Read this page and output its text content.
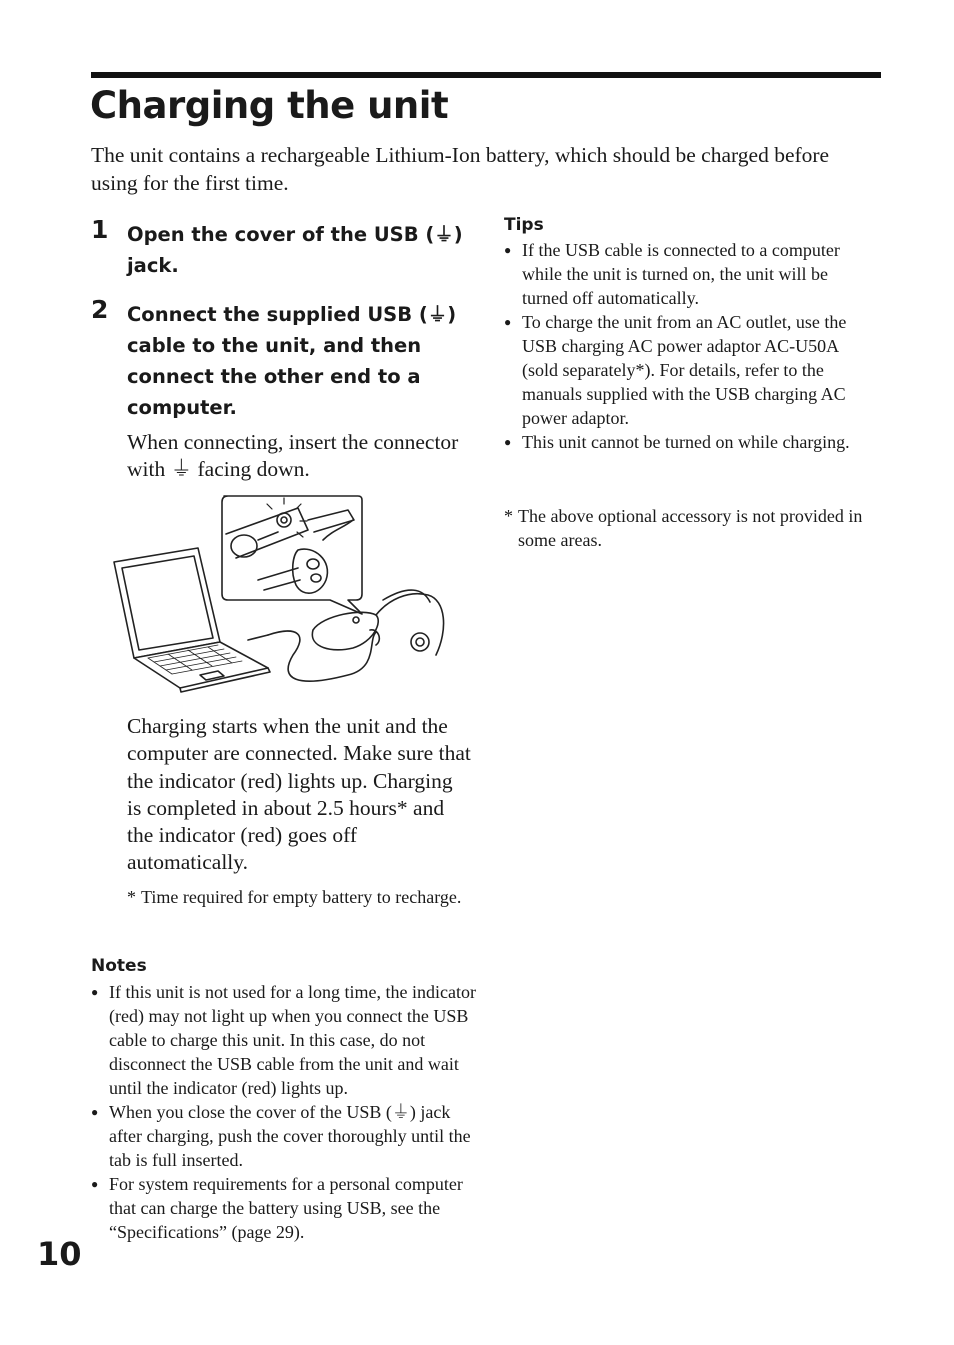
Charging the unit

The unit contains a rechargeable Lithium-Ion battery, which should be charged before using for the first time.

1 Open the cover of the USB (⏚) jack.

2 Connect the supplied USB (⏚) cable to the unit, and then connect the other end to a computer.

When connecting, insert the connector with ⏚ facing down.

Charging starts when the unit and the computer are connected. Make sure that the indicator (red) lights up. Charging is completed in about 2.5 hours* and the indicator (red) goes off automatically.

* Time required for empty battery to recharge.

Notes
● If this unit is not used for a long time, the indicator (red) may not light up when you connect the USB cable to charge this unit. In this case, do not disconnect the USB cable from the unit and wait until the indicator (red) lights up.
● When you close the cover of the USB (⏚) jack after charging, push the cover thoroughly until the tab is full inserted.
● For system requirements for a personal computer that can charge the battery using USB, see the “Specifications” (page 29).
Tips
● If the USB cable is connected to a computer while the unit is turned on, the unit will be turned off automatically.
● To charge the unit from an AC outlet, use the USB charging AC power adaptor AC-U50A (sold separately*). For details, refer to the manuals supplied with the USB charging AC power adaptor.
● This unit cannot be turned on while charging.

* The above optional accessory is not provided in some areas.

10
